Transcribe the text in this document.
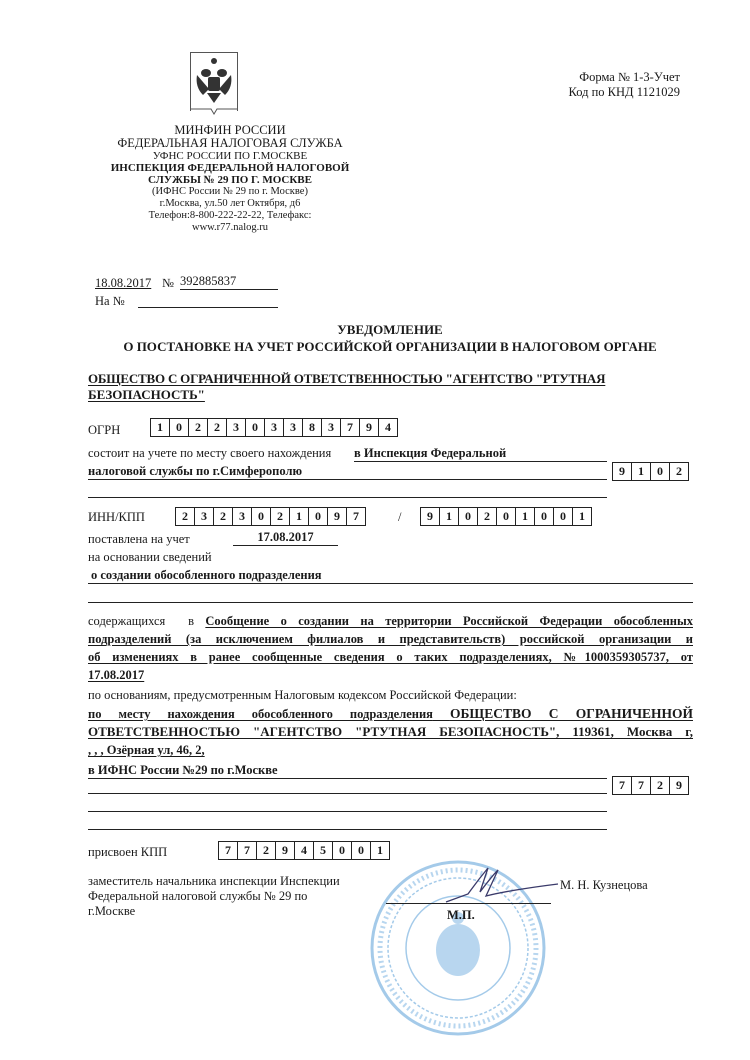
МИНФИН РОССИИ
ФЕДЕРАЛЬНАЯ НАЛОГОВАЯ СЛУЖБА
УФНС РОССИИ ПО Г.МОСКВЕ
ИНСПЕКЦИЯ ФЕДЕРАЛЬНОЙ НАЛОГОВОЙ
СЛУЖБЫ № 29 ПО Г. МОСКВЕ
(ИФНС России № 29 по г. Москве)
г.Москва, ул.50 лет Октября, д6
Телефон:8-800-222-22-22, Телефакс:
www.r77.nalog.ru
Форма № 1-3-Учет
Код по КНД 1121029
18.08.2017 № 392885837
На №
УВЕДОМЛЕНИЕ
О ПОСТАНОВКЕ НА УЧЕТ РОССИЙСКОЙ ОРГАНИЗАЦИИ В НАЛОГОВОМ ОРГАНЕ
ОБЩЕСТВО С ОГРАНИЧЕННОЙ ОТВЕТСТВЕННОСТЬЮ "АГЕНТСТВО "РТУТНАЯ
БЕЗОПАСНОСТЬ"
ОГРН	1	0	2	2	3	0	3	3	8	3	7	9	4
состоит на учете по месту своего нахождения в Инспекция Федеральной
налоговой службы по г.Симферополю	9	1	0	2
ИНН/КПП	2	3	2	3	0	2	1	0	9	7	/	9	1	0	2	0	1	0	0	1
поставлена на учет	17.08.2017
на основании сведений
о создании обособленного подразделения
содержащихся  в Сообщение о создании на территории Российской Федерации обособленных
подразделений (за исключением филиалов и представительств) российской организации и
об изменениях в ранее сообщенные сведения о таких подразделениях, №1000359305737, от
17.08.2017
по основаниям, предусмотренным Налоговым кодексом Российской Федерации:
по месту нахождения обособленного подразделения ОБЩЕСТВО С ОГРАНИЧЕННОЙ
ОТВЕТСТВЕННОСТЬЮ "АГЕНТСТВО "РТУТНАЯ БЕЗОПАСНОСТЬ", 119361, Москва г,
, , , Озёрная ул, 46, 2,
в ИФНС России №29 по г.Москве
7	7	2	9
присвоен КПП	7	7	2	9	4	5	0	0	1
заместитель начальника инспекции Инспекции
Федеральной налоговой службы № 29 по
г.Москве	М.П.
М. Н. Кузнецова
